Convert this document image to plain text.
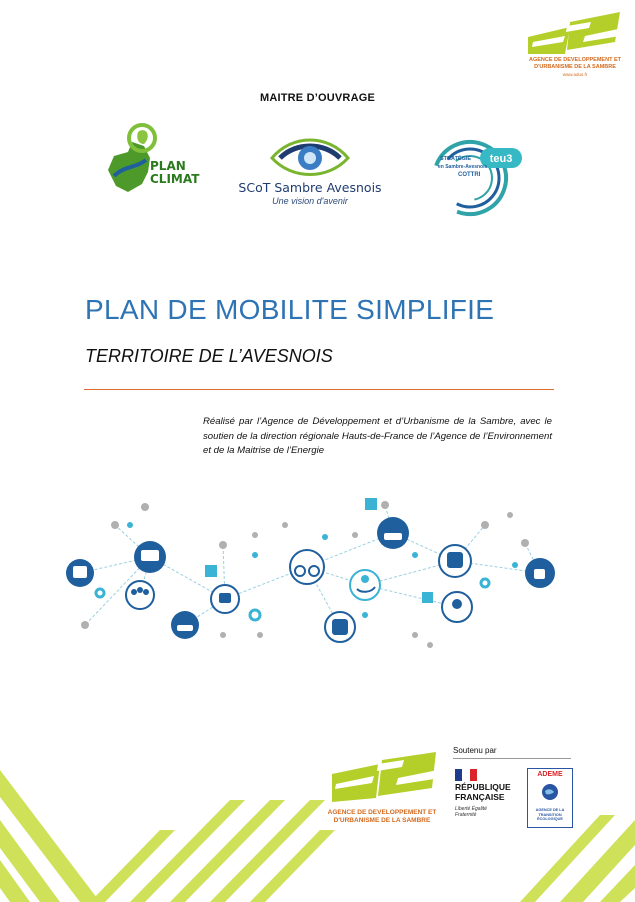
AGENCE DE DEVELOPPEMENT ET D'URBANISME DE LA SAMBRE
www.adus.fr
MAITRE D’OUVRAGE
PLAN CLIMAT
SCoT Sambre Avesnois
Une vision d'avenir
teu3
STRATÉGIE
en Sambre-Avesnois
COTTRI
PLAN DE MOBILITE SIMPLIFIE
TERRITOIRE DE L’AVESNOIS
Réalisé par l’Agence de Développement et d’Urbanisme de la Sambre, avec le soutien de la direction régionale Hauts-de-France de l’Agence de l’Environnement et de la Maitrise de l’Energie
Soutenu par
AGENCE DE DEVELOPPEMENT ET D'URBANISME DE LA SAMBRE
RÉPUBLIQUE FRANÇAISE
Liberté Égalité Fraternité
ADEME
AGENCE DE LA TRANSITION ÉCOLOGIQUE
